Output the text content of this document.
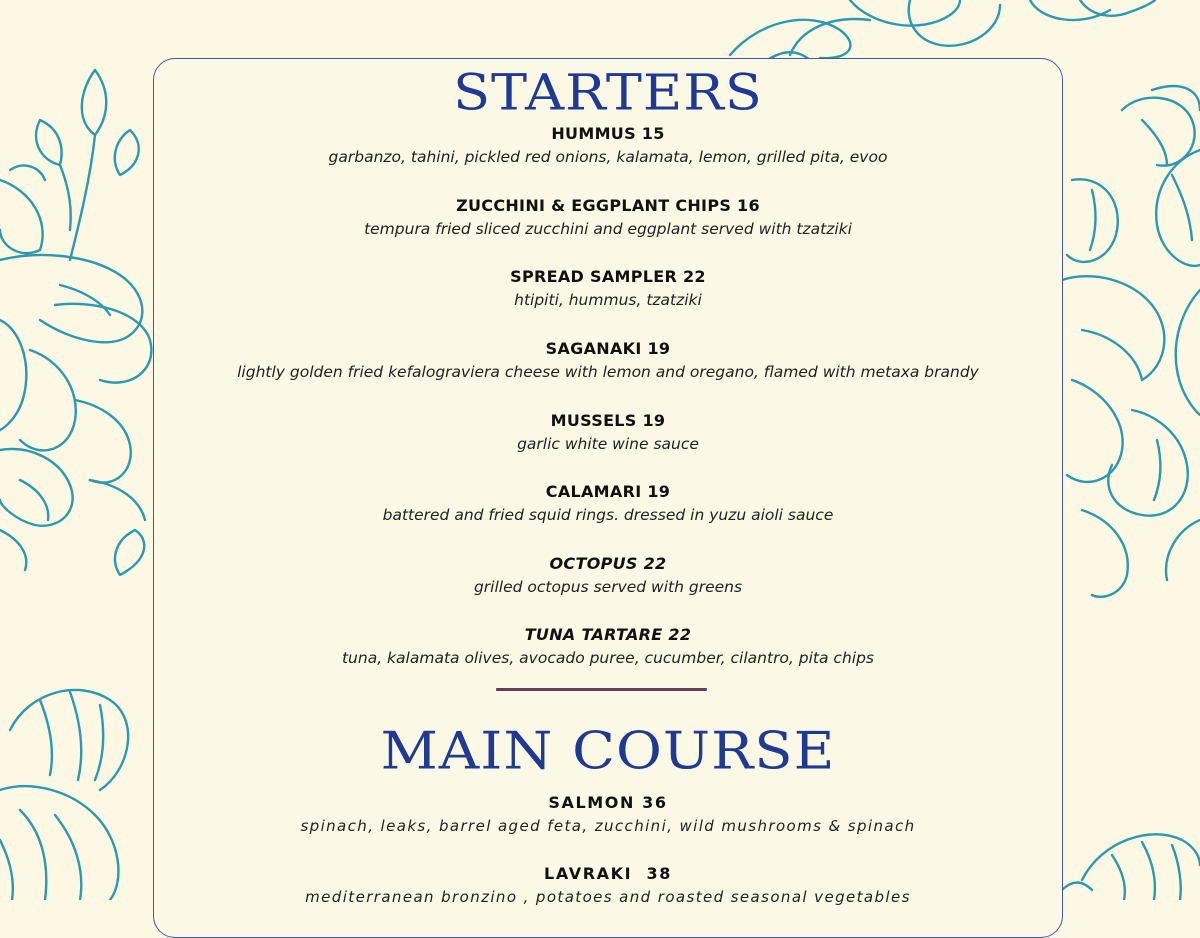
STARTERS
HUMMUS 15
garbanzo, tahini, pickled red onions, kalamata, lemon, grilled pita, evoo
ZUCCHINI & EGGPLANT CHIPS 16
tempura fried sliced zucchini and eggplant served with tzatziki
SPREAD SAMPLER 22
htipiti, hummus, tzatziki
SAGANAKI 19
lightly golden fried kefalograviera cheese with lemon and oregano, flamed with metaxa brandy
MUSSELS 19
garlic white wine sauce
CALAMARI 19
battered and fried squid rings. dressed in yuzu aioli sauce
OCTOPUS 22
grilled octopus served with greens
TUNA TARTARE 22
tuna, kalamata olives, avocado puree, cucumber, cilantro, pita chips
MAIN COURSE
SALMON 36
spinach, leaks, barrel aged feta, zucchini, wild mushrooms & spinach
LAVRAKI  38
mediterranean bronzino , potatoes and roasted seasonal vegetables
